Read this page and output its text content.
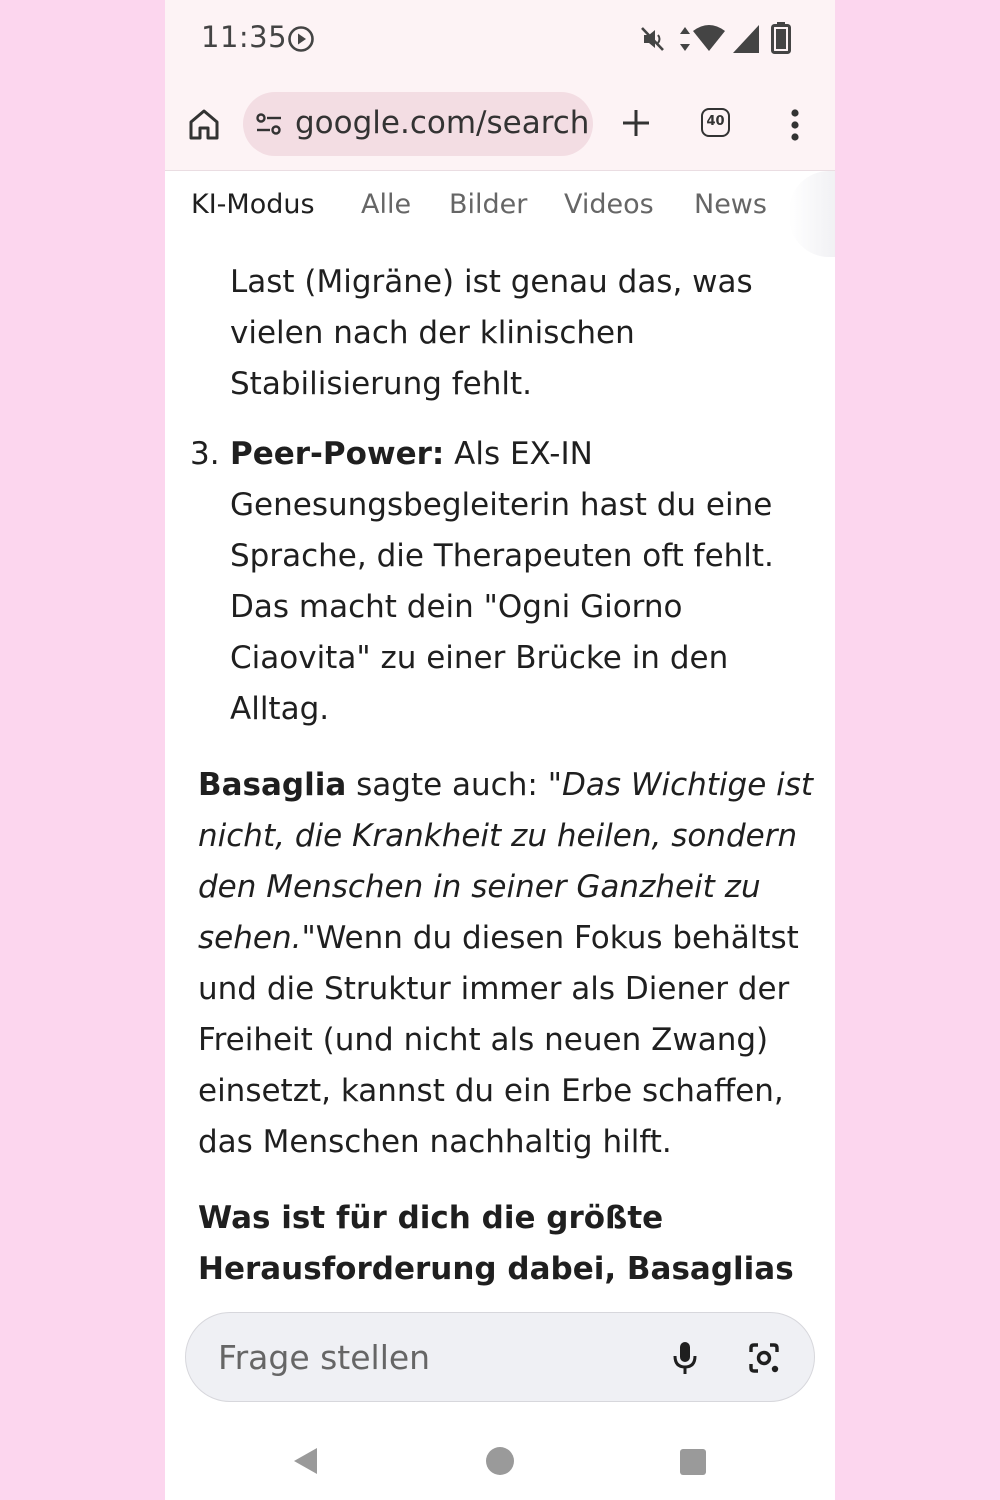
11:35
google.com/search	40
KI-Modus Alle Bilder Videos News
Last (Migräne) ist genau das, was
vielen nach der klinischen
Stabilisierung fehlt.
3. Peer-Power: Als EX-IN
Genesungsbegleiterin hast du eine
Sprache, die Therapeuten oft fehlt.
Das macht dein "Ogni Giorno
Ciaovita" zu einer Brücke in den
Alltag.
Basaglia sagte auch: "Das Wichtige ist
nicht, die Krankheit zu heilen, sondern
den Menschen in seiner Ganzheit zu
sehen."Wenn du diesen Fokus behältst
und die Struktur immer als Diener der
Freiheit (und nicht als neuen Zwang)
einsetzt, kannst du ein Erbe schaffen,
das Menschen nachhaltig hilft.
Was ist für dich die größte
Herausforderung dabei, Basaglias
Frage stellen
